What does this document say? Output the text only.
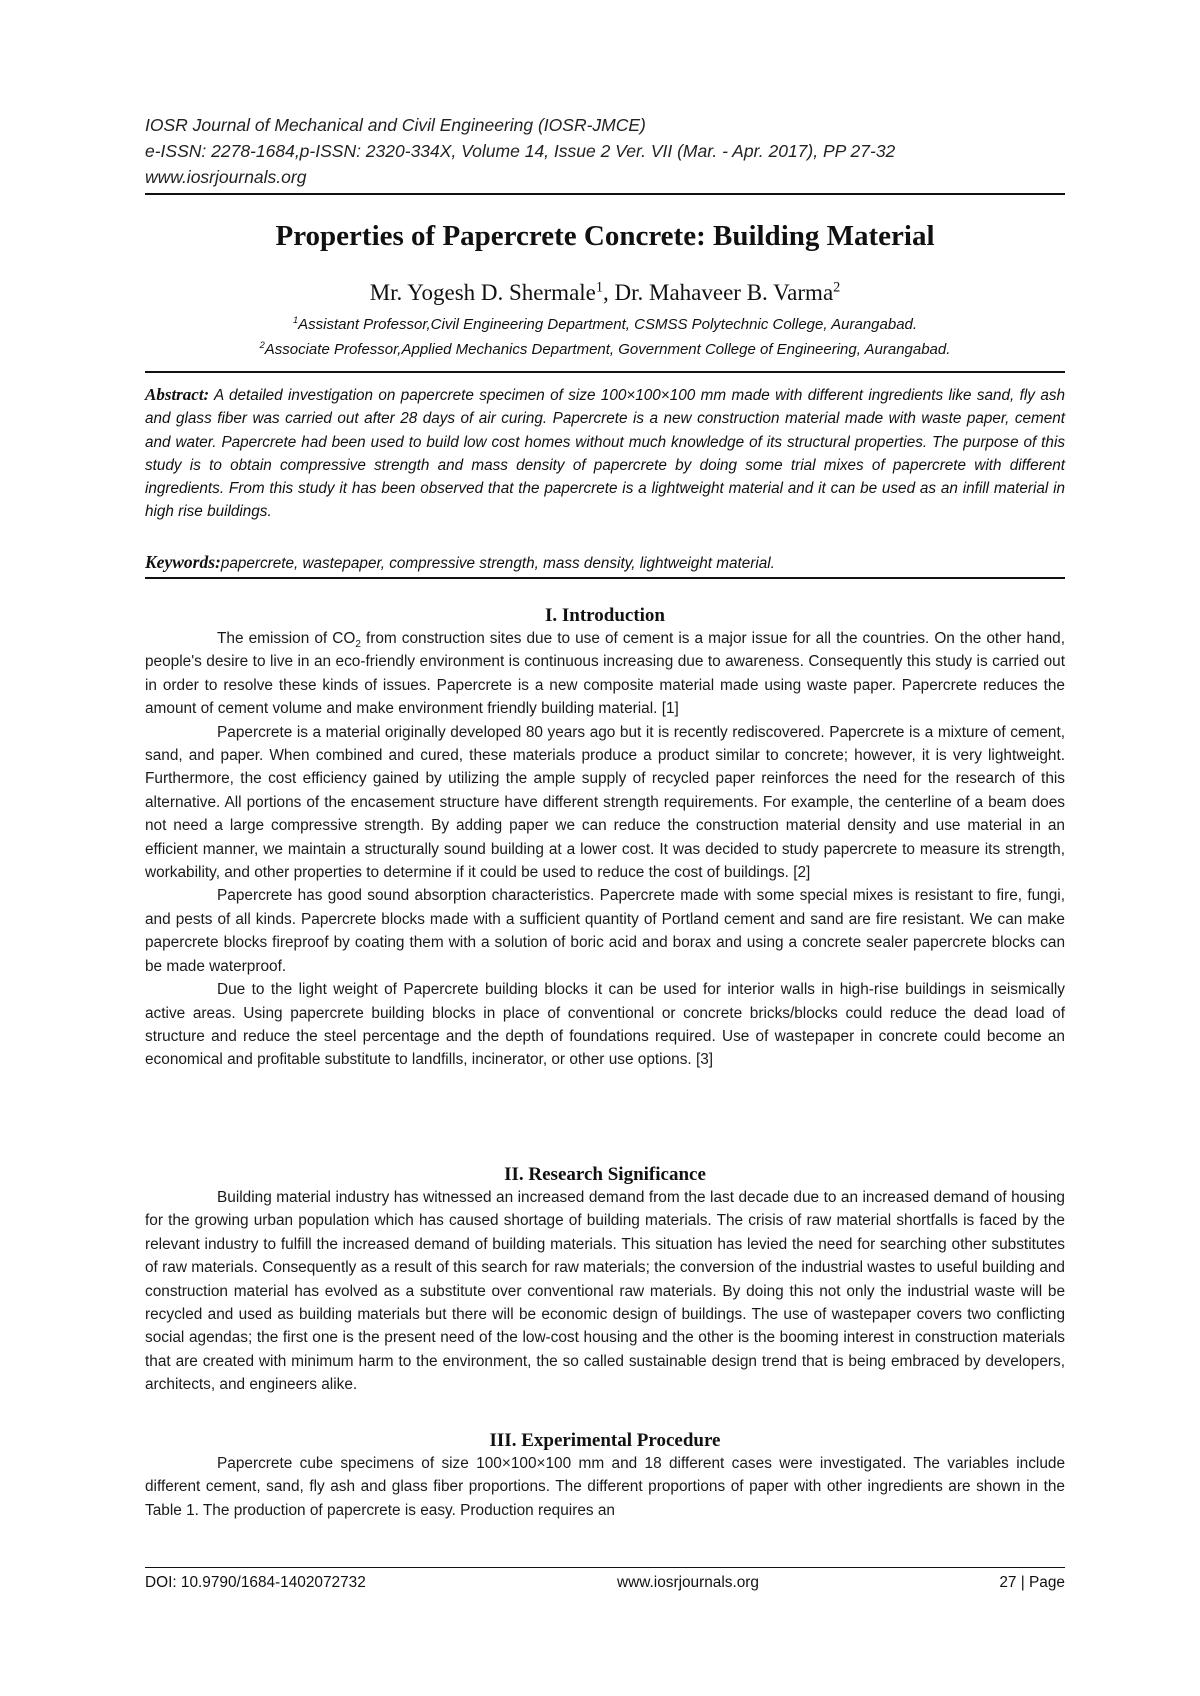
IOSR Journal of Mechanical and Civil Engineering (IOSR-JMCE)
e-ISSN: 2278-1684,p-ISSN: 2320-334X, Volume 14, Issue 2 Ver. VII (Mar. - Apr. 2017), PP 27-32
www.iosrjournals.org
Properties of Papercrete Concrete: Building Material
Mr. Yogesh D. Shermale$^1$, Dr. Mahaveer B. Varma$^2$
$^1$Assistant Professor,Civil Engineering Department, CSMSS Polytechnic College, Aurangabad.
$^2$Associate Professor,Applied Mechanics Department, Government College of Engineering, Aurangabad.
Abstract: A detailed investigation on papercrete specimen of size 100×100×100 mm made with different ingredients like sand, fly ash and glass fiber was carried out after 28 days of air curing. Papercrete is a new construction material made with waste paper, cement and water. Papercrete had been used to build low cost homes without much knowledge of its structural properties. The purpose of this study is to obtain compressive strength and mass density of papercrete by doing some trial mixes of papercrete with different ingredients. From this study it has been observed that the papercrete is a lightweight material and it can be used as an infill material in high rise buildings.
Keywords:papercrete, wastepaper, compressive strength, mass density, lightweight material.
I. Introduction

The emission of $CO_2$ from construction sites due to use of cement is a major issue for all the countries. On the other hand, people's desire to live in an eco-friendly environment is continuous increasing due to awareness. Consequently this study is carried out in order to resolve these kinds of issues. Papercrete is a new composite material made using waste paper. Papercrete reduces the amount of cement volume and make environment friendly building material. [1]

Papercrete is a material originally developed 80 years ago but it is recently rediscovered. Papercrete is a mixture of cement, sand, and paper. When combined and cured, these materials produce a product similar to concrete; however, it is very lightweight. Furthermore, the cost efficiency gained by utilizing the ample supply of recycled paper reinforces the need for the research of this alternative. All portions of the encasement structure have different strength requirements. For example, the centerline of a beam does not need a large compressive strength. By adding paper we can reduce the construction material density and use material in an efficient manner, we maintain a structurally sound building at a lower cost. It was decided to study papercrete to measure its strength, workability, and other properties to determine if it could be used to reduce the cost of buildings. [2]

Papercrete has good sound absorption characteristics. Papercrete made with some special mixes is resistant to fire, fungi, and pests of all kinds. Papercrete blocks made with a sufficient quantity of Portland cement and sand are fire resistant. We can make papercrete blocks fireproof by coating them with a solution of boric acid and borax and using a concrete sealer papercrete blocks can be made waterproof.

Due to the light weight of Papercrete building blocks it can be used for interior walls in high-rise buildings in seismically active areas. Using papercrete building blocks in place of conventional or concrete bricks/blocks could reduce the dead load of structure and reduce the steel percentage and the depth of foundations required. Use of wastepaper in concrete could become an economical and profitable substitute to landfills, incinerator, or other use options. [3]

II. Research Significance

Building material industry has witnessed an increased demand from the last decade due to an increased demand of housing for the growing urban population which has caused shortage of building materials. The crisis of raw material shortfalls is faced by the relevant industry to fulfill the increased demand of building materials. This situation has levied the need for searching other substitutes of raw materials. Consequently as a result of this search for raw materials; the conversion of the industrial wastes to useful building and construction material has evolved as a substitute over conventional raw materials. By doing this not only the industrial waste will be recycled and used as building materials but there will be economic design of buildings. The use of wastepaper covers two conflicting social agendas; the first one is the present need of the low-cost housing and the other is the booming interest in construction materials that are created with minimum harm to the environment, the so called sustainable design trend that is being embraced by developers, architects, and engineers alike.

III. Experimental Procedure

Papercrete cube specimens of size 100×100×100 mm and 18 different cases were investigated. The variables include different cement, sand, fly ash and glass fiber proportions. The different proportions of paper with other ingredients are shown in the Table 1. The production of papercrete is easy. Production requires an

DOI: 10.9790/1684-1402072732	www.iosrjournals.org	27 | Page
